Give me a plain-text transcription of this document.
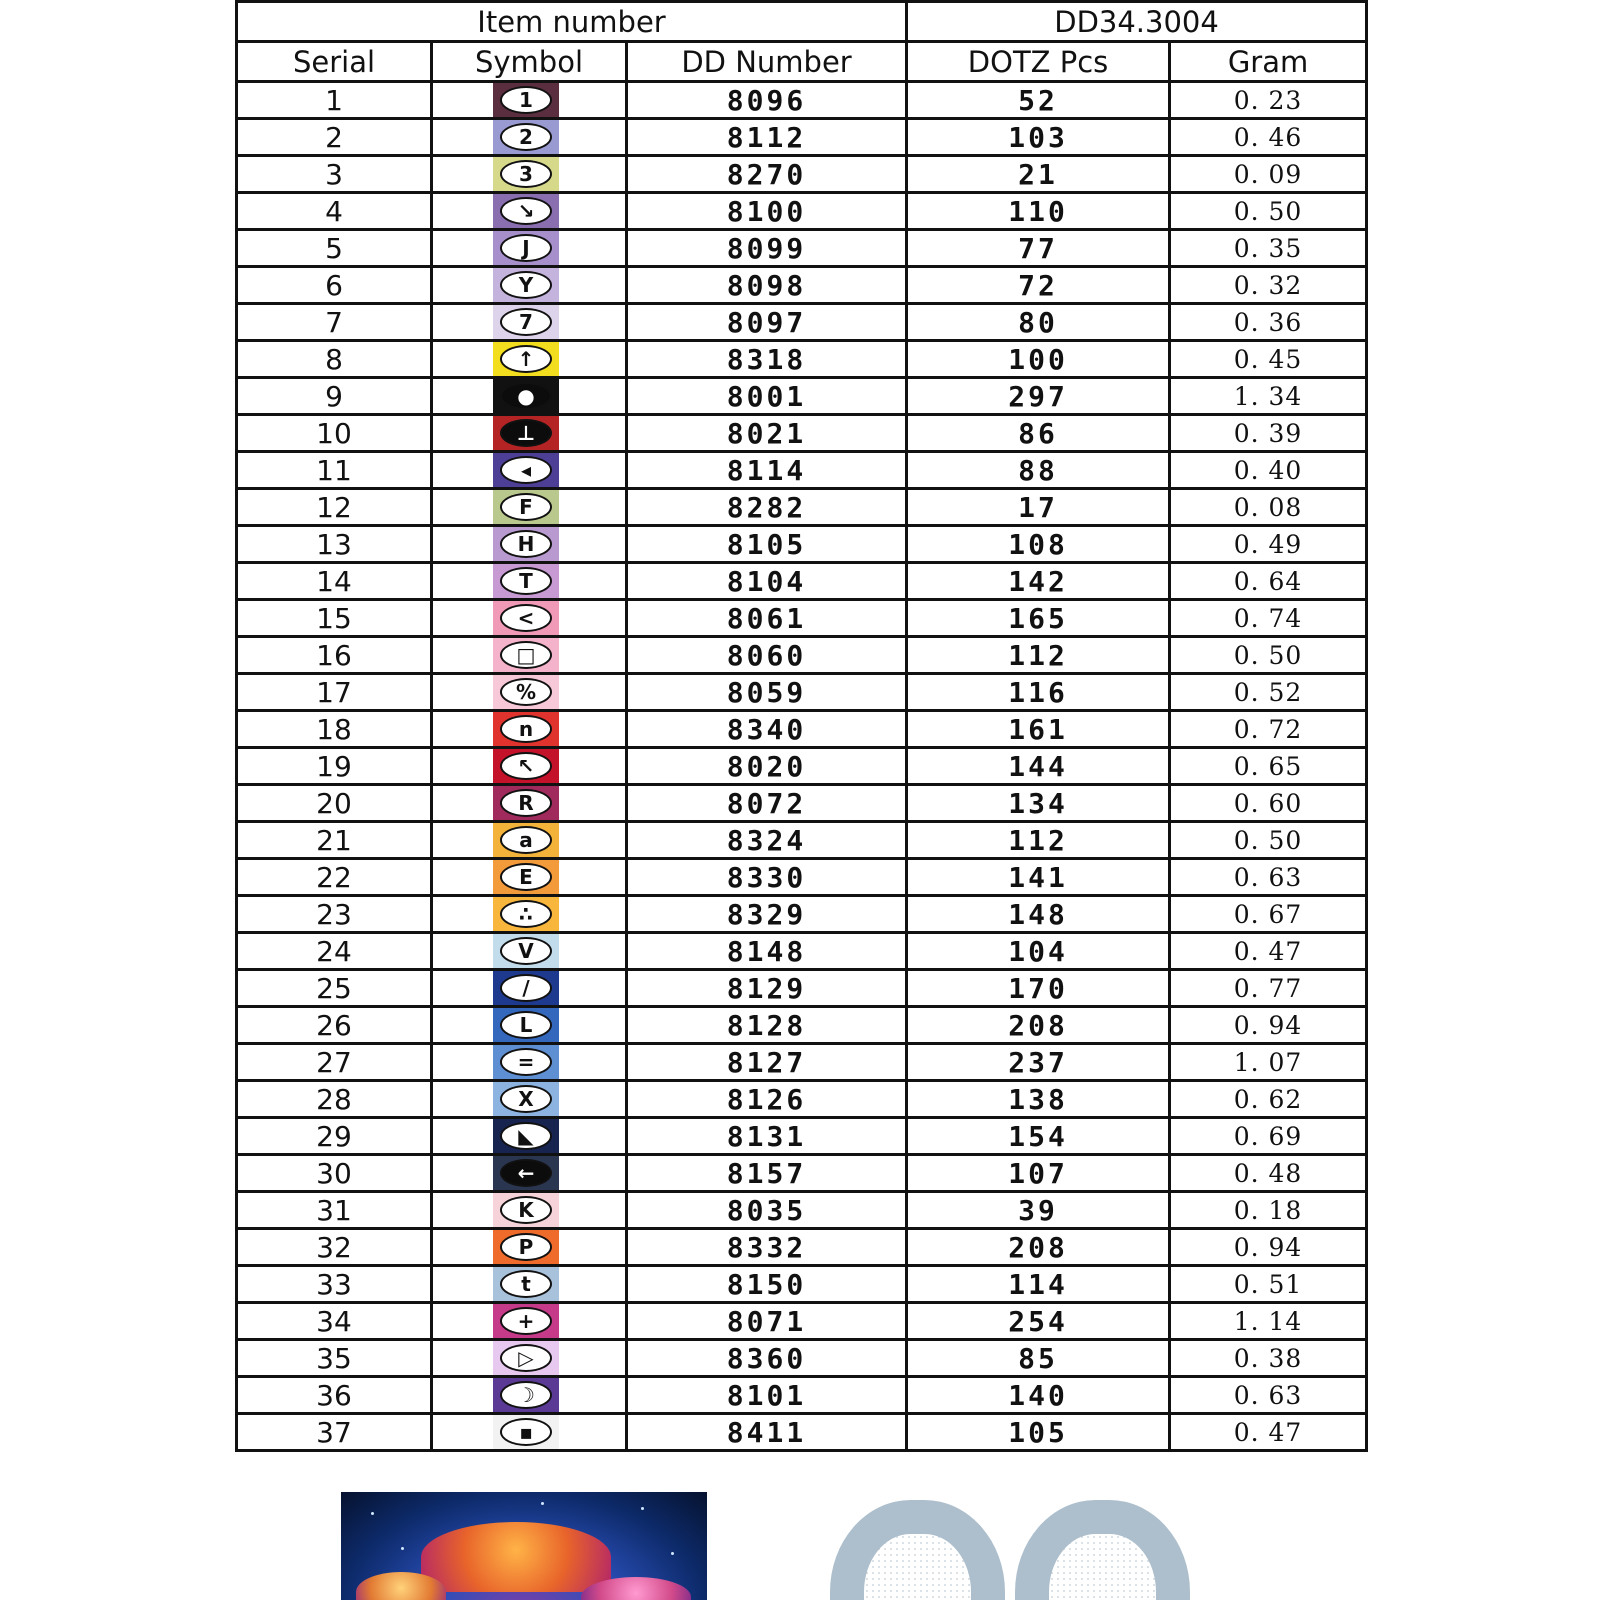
Item number			DD34.3004	
Serial	Symbol	DD Number	DOTZ Pcs	Gram
1	1	8096	52	0. 23
2	2	8112	103	0. 46
3	3	8270	21	0. 09
4	↘	8100	110	0. 50
5	J	8099	77	0. 35
6	Y	8098	72	0. 32
7	7	8097	80	0. 36
8	↑	8318	100	0. 45
9	●	8001	297	1. 34
10	⊥	8021	86	0. 39
11	◂	8114	88	0. 40
12	F	8282	17	0. 08
13	H	8105	108	0. 49
14	T	8104	142	0. 64
15	<	8061	165	0. 74
16	□	8060	112	0. 50
17	%	8059	116	0. 52
18	n	8340	161	0. 72
19	↖	8020	144	0. 65
20	R	8072	134	0. 60
21	a	8324	112	0. 50
22	E	8330	141	0. 63
23	∴	8329	148	0. 67
24	V	8148	104	0. 47
25	/	8129	170	0. 77
26	L	8128	208	0. 94
27	=	8127	237	1. 07
28	X	8126	138	0. 62
29	◣	8131	154	0. 69
30	←	8157	107	0. 48
31	K	8035	39	0. 18
32	P	8332	208	0. 94
33	t	8150	114	0. 51
34	+	8071	254	1. 14
35	▷	8360	85	0. 38
36	☽	8101	140	0. 63
37	▪	8411	105	0. 47
